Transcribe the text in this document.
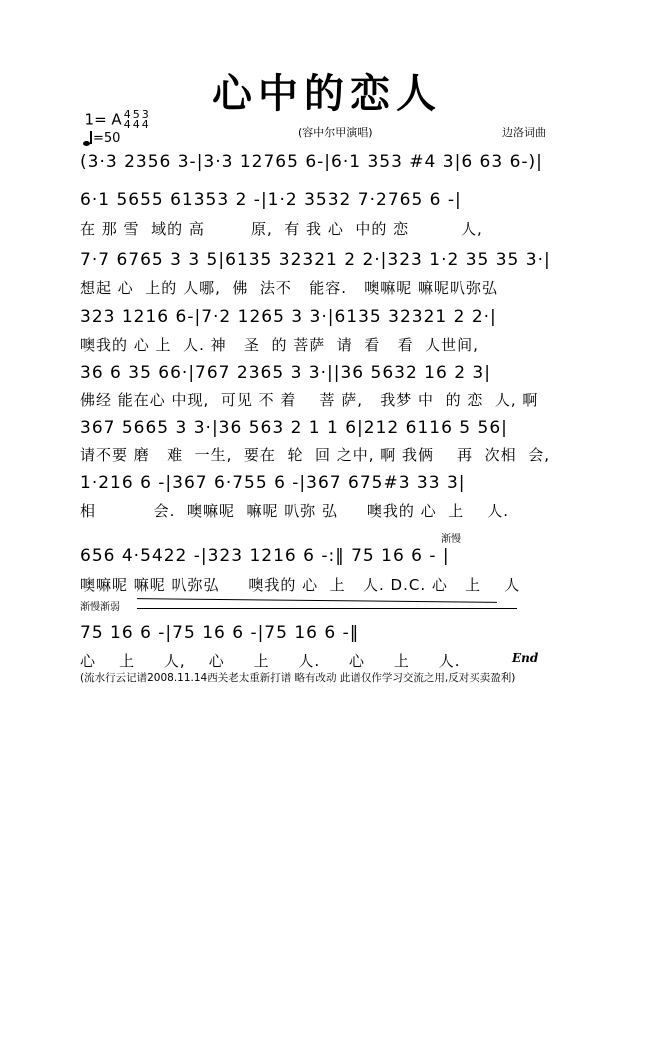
1= A 4
4
5
4
3
4

心中的恋人
(容中尔甲演唱)	边洛词曲
=50
(3·3 2356 3-|3·3 12765 6-|6·1 353 #4 3|6 63 6-)|
6·1 5655 61353 2 -|1·2 3532 7·2765 6 -|
在 那 雪  域的 高        原,  有 我 心  中的 恋         人,
7·7 6765 3 3 5|6135 32321 2 2·|323 1·2 35 35 3·|
想起 心  上的 人哪,  佛  法不   能容.   噢嘛呢 嘛呢叭弥弘
323 1216 6-|7·2 1265 3 3·|6135 32321 2 2·|
噢我的 心 上  人. 神   圣  的 菩萨  请  看   看  人世间,
36 6 35 66·|767 2365 3 3·||36 5632 16 2 3|
佛经 能在心 中现,  可见 不 着    菩 萨,   我梦 中  的 恋  人, 啊
367 5665 3 3·|36 563 2 1 1 6|212 6116 5 56|
请不要 磨   难  一生,  要在  轮  回 之中, 啊 我俩    再  次相  会,
1·216 6 -|367 6·755 6 -|367 675#3 33 3|
相          会.  噢嘛呢  嘛呢 叭弥 弘     噢我的 心  上    人.
渐慢
656 4·5422 -|323 1216 6 -:‖ 75 16 6 - |
噢嘛呢 嘛呢 叭弥弘     噢我的 心  上   人. D.C. 心   上    人
渐慢渐弱
75 16 6 -|75 16 6 -|75 16 6 -‖
心    上     人,    心     上     人.     心     上     人.	End
(流水行云记谱2008.11.14西关老太重新打谱 略有改动 此谱仅作学习交流之用,反对买卖盈利)
